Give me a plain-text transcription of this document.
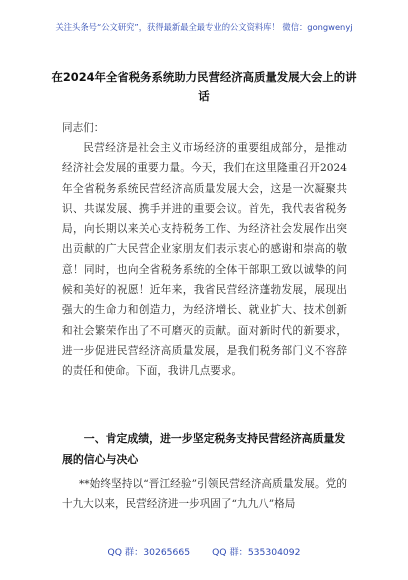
关注头条号“公文研究”，获得最新最全最专业的公文资料库！ 微信：gongwenyj
在2024年全省税务系统助力民营经济高质量发展大会上的讲话
同志们：

民营经济是社会主义市场经济的重要组成部分，是推动经济社会发展的重要力量。今天，我们在这里隆重召开2024年全省税务系统民营经济高质量发展大会，这是一次凝聚共识、共谋发展、携手并进的重要会议。首先，我代表省税务局，向长期以来关心支持税务工作、为经济社会发展作出突出贡献的广大民营企业家朋友们表示衷心的感谢和崇高的敬意！同时，也向全省税务系统的全体干部职工致以诚挚的问候和美好的祝愿！近年来，我省民营经济蓬勃发展，展现出强大的生命力和创造力，为经济增长、就业扩大、技术创新和社会繁荣作出了不可磨灭的贡献。面对新时代的新要求，进一步促进民营经济高质量发展，是我们税务部门义不容辞的责任和使命。下面，我讲几点要求。

一、肯定成绩，进一步坚定税务支持民营经济高质量发展的信心与决心

**始终坚持以“晋江经验”引领民营经济高质量发展。党的十九大以来，民营经济进一步巩固了“九九八”格局

QQ 群：30265665 QQ 群：535304092
